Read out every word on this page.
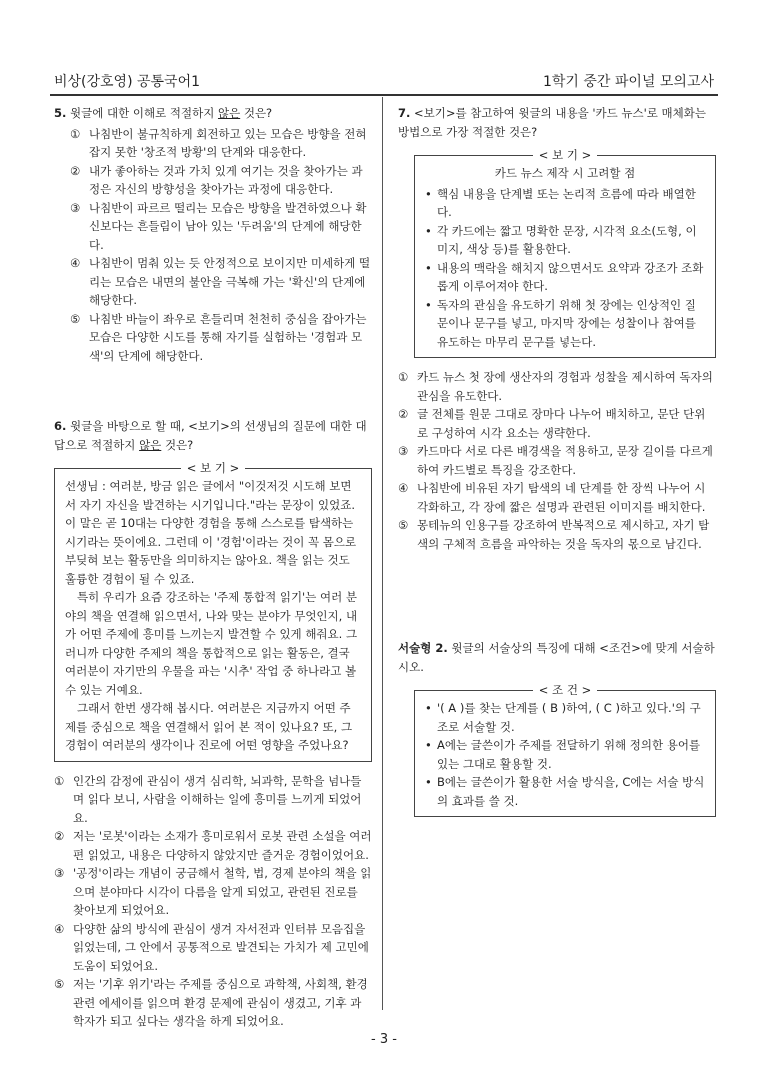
비상(강호영) 공통국어1	1학기 중간 파이널 모의고사
5. 윗글에 대한 이해로 적절하지 않은 것은?
① 나침반이 불규칙하게 회전하고 있는 모습은 방향을 전혀 잡지 못한 '창조적 방황'의 단계와 대응한다.
② 내가 좋아하는 것과 가치 있게 여기는 것을 찾아가는 과정은 자신의 방향성을 찾아가는 과정에 대응한다.
③ 나침반이 파르르 떨리는 모습은 방향을 발견하였으나 확신보다는 흔들림이 남아 있는 '두려움'의 단계에 해당한다.
④ 나침반이 멈춰 있는 듯 안정적으로 보이지만 미세하게 떨리는 모습은 내면의 불안을 극복해 가는 '확신'의 단계에 해당한다.
⑤ 나침반 바늘이 좌우로 흔들리며 천천히 중심을 잡아가는 모습은 다양한 시도를 통해 자기를 실험하는 '경험과 모색'의 단계에 해당한다.
6. 윗글을 바탕으로 할 때, <보기>의 선생님의 질문에 대한 대답으로 적절하지 않은 것은?
< 보 기 >
선생님 : 여러분, 방금 읽은 글에서 "이것저것 시도해 보면서 자기 자신을 발견하는 시기입니다."라는 문장이 있었죠. 이 말은 곧 10대는 다양한 경험을 통해 스스로를 탐색하는 시기라는 뜻이에요. 그런데 이 '경험'이라는 것이 꼭 몸으로 부딪혀 보는 활동만을 의미하지는 않아요. 책을 읽는 것도 훌륭한 경험이 될 수 있죠.
특히 우리가 요즘 강조하는 '주제 통합적 읽기'는 여러 분야의 책을 연결해 읽으면서, 나와 맞는 분야가 무엇인지, 내가 어떤 주제에 흥미를 느끼는지 발견할 수 있게 해줘요. 그러니까 다양한 주제의 책을 통합적으로 읽는 활동은, 결국 여러분이 자기만의 우물을 파는 '시추' 작업 중 하나라고 볼 수 있는 거예요.
그래서 한번 생각해 봅시다. 여러분은 지금까지 어떤 주제를 중심으로 책을 연결해서 읽어 본 적이 있나요? 또, 그 경험이 여러분의 생각이나 진로에 어떤 영향을 주었나요?
① 인간의 감정에 관심이 생겨 심리학, 뇌과학, 문학을 넘나들며 읽다 보니, 사람을 이해하는 일에 흥미를 느끼게 되었어요.
② 저는 '로봇'이라는 소재가 흥미로워서 로봇 관련 소설을 여러 편 읽었고, 내용은 다양하지 않았지만 즐거운 경험이었어요.
③ '공정'이라는 개념이 궁금해서 철학, 법, 경제 분야의 책을 읽으며 분야마다 시각이 다름을 알게 되었고, 관련된 진로를 찾아보게 되었어요.
④ 다양한 삶의 방식에 관심이 생겨 자서전과 인터뷰 모음집을 읽었는데, 그 안에서 공통적으로 발견되는 가치가 제 고민에 도움이 되었어요.
⑤ 저는 '기후 위기'라는 주제를 중심으로 과학책, 사회책, 환경 관련 에세이를 읽으며 환경 문제에 관심이 생겼고, 기후 과학자가 되고 싶다는 생각을 하게 되었어요.
7. <보기>를 참고하여 윗글의 내용을 '카드 뉴스'로 매체화는 방법으로 가장 적절한 것은?
< 보 기 >
카드 뉴스 제작 시 고려할 점
• 핵심 내용을 단계별 또는 논리적 흐름에 따라 배열한다.
• 각 카드에는 짧고 명확한 문장, 시각적 요소(도형, 이미지, 색상 등)를 활용한다.
• 내용의 맥락을 해치지 않으면서도 요약과 강조가 조화롭게 이루어져야 한다.
• 독자의 관심을 유도하기 위해 첫 장에는 인상적인 질문이나 문구를 넣고, 마지막 장에는 성찰이나 참여를 유도하는 마무리 문구를 넣는다.
① 카드 뉴스 첫 장에 생산자의 경험과 성찰을 제시하여 독자의 관심을 유도한다.
② 글 전체를 원문 그대로 장마다 나누어 배치하고, 문단 단위로 구성하여 시각 요소는 생략한다.
③ 카드마다 서로 다른 배경색을 적용하고, 문장 길이를 다르게 하여 카드별로 특징을 강조한다.
④ 나침반에 비유된 자기 탐색의 네 단계를 한 장씩 나누어 시각화하고, 각 장에 짧은 설명과 관련된 이미지를 배치한다.
⑤ 몽테뉴의 인용구를 강조하여 반복적으로 제시하고, 자기 탐색의 구체적 흐름을 파악하는 것을 독자의 몫으로 남긴다.
서술형 2. 윗글의 서술상의 특징에 대해 <조건>에 맞게 서술하시오.
< 조 건 >
• '( A )를 찾는 단계를 ( B )하여, ( C )하고 있다.'의 구조로 서술할 것.
• A에는 글쓴이가 주제를 전달하기 위해 정의한 용어를 있는 그대로 활용할 것.
• B에는 글쓴이가 활용한 서술 방식을, C에는 서술 방식의 효과를 쓸 것.
- 3 -
